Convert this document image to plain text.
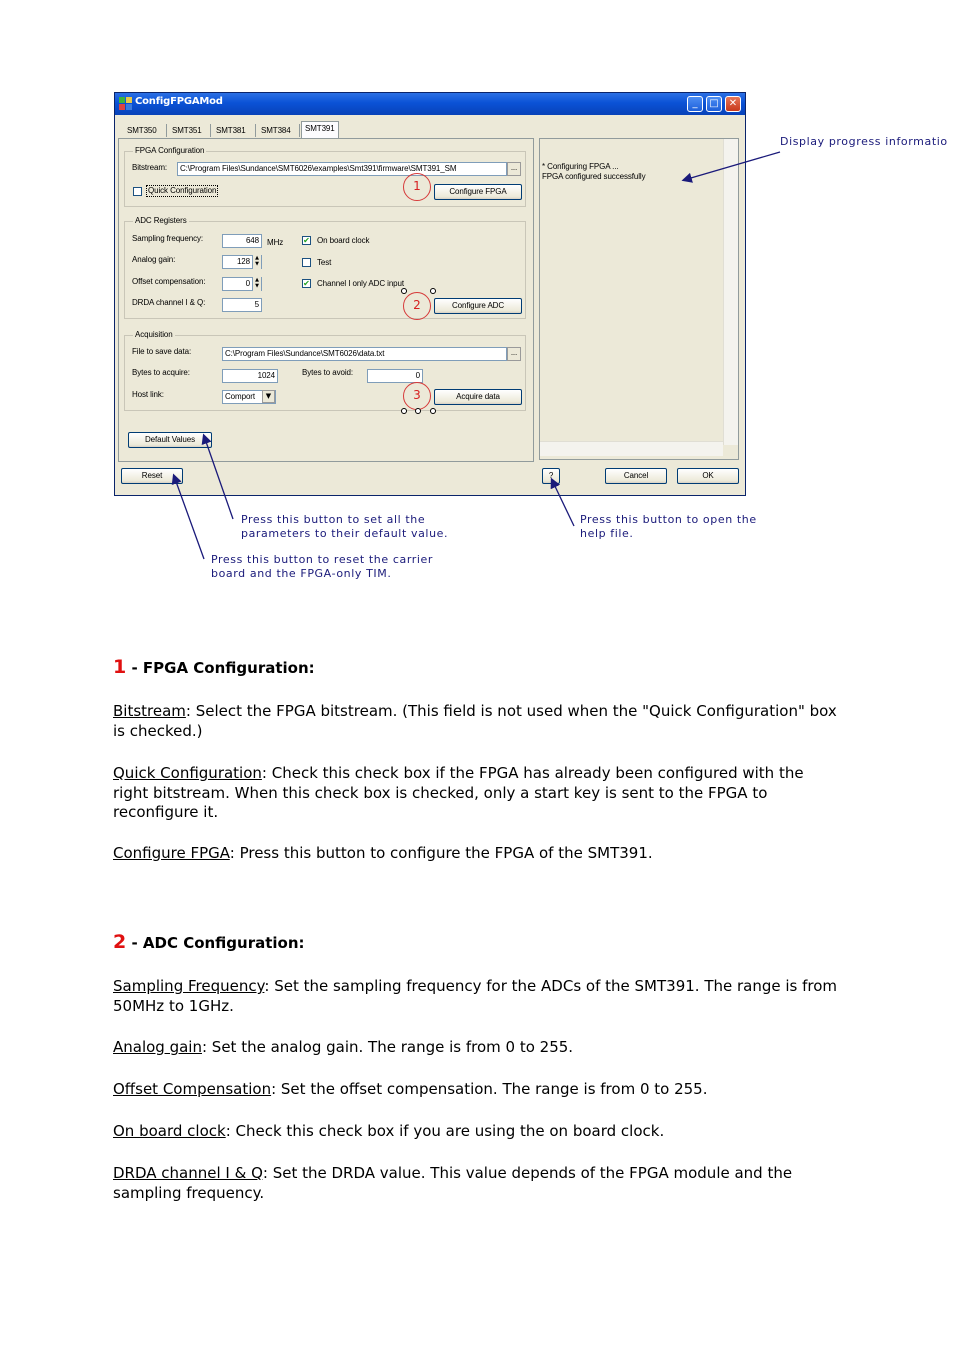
ConfigFPGAMod	_	□	✕
SMT350 SMT351 SMT381 SMT384	SMT391
FPGA Configuration
Bitstream:	C:\Program Files\Sundance\SMT6026\examples\Smt391\firmware\SMT391_SM	...
Quick Configuration	1	Configure FPGA
ADC Registers
Sampling frequency:	648	MHz
Analog gain:	128	▲
▼
Offset compensation:	0	▲
▼
DRDA channel I & Q:	5
✔ On board clock
Test
✔ Channel I only ADC input
2	Configure ADC
Acquisition
File to save data:	C:\Program Files\Sundance\SMT6026\data.txt	...
Bytes to acquire:	1024	Bytes to avoid:	0
Host link:	Comport	▼	3	Acquire data
Default Values
* Configuring FPGA ...
FPGA configured successfully
Reset	?	Cancel	OK
Display progress informatio
Press this button to set all the
parameters to their default value.
Press this button to open the
help file.
Press this button to reset the carrier
board and the FPGA-only TIM.
1 - FPGA Configuration:

Bitstream: Select the FPGA bitstream. (This field is not used when the "Quick Configuration" box is checked.)

Quick Configuration: Check this check box if the FPGA has already been configured with the right bitstream. When this check box is checked, only a start key is sent to the FPGA to reconfigure it.

Configure FPGA: Press this button to configure the FPGA of the SMT391.

2 - ADC Configuration:

Sampling Frequency: Set the sampling frequency for the ADCs of the SMT391. The range is from 50MHz to 1GHz.

Analog gain: Set the analog gain. The range is from 0 to 255.

Offset Compensation: Set the offset compensation. The range is from 0 to 255.

On board clock: Check this check box if you are using the on board clock.

DRDA channel I & Q: Set the DRDA value. This value depends of the FPGA module and the sampling frequency.
